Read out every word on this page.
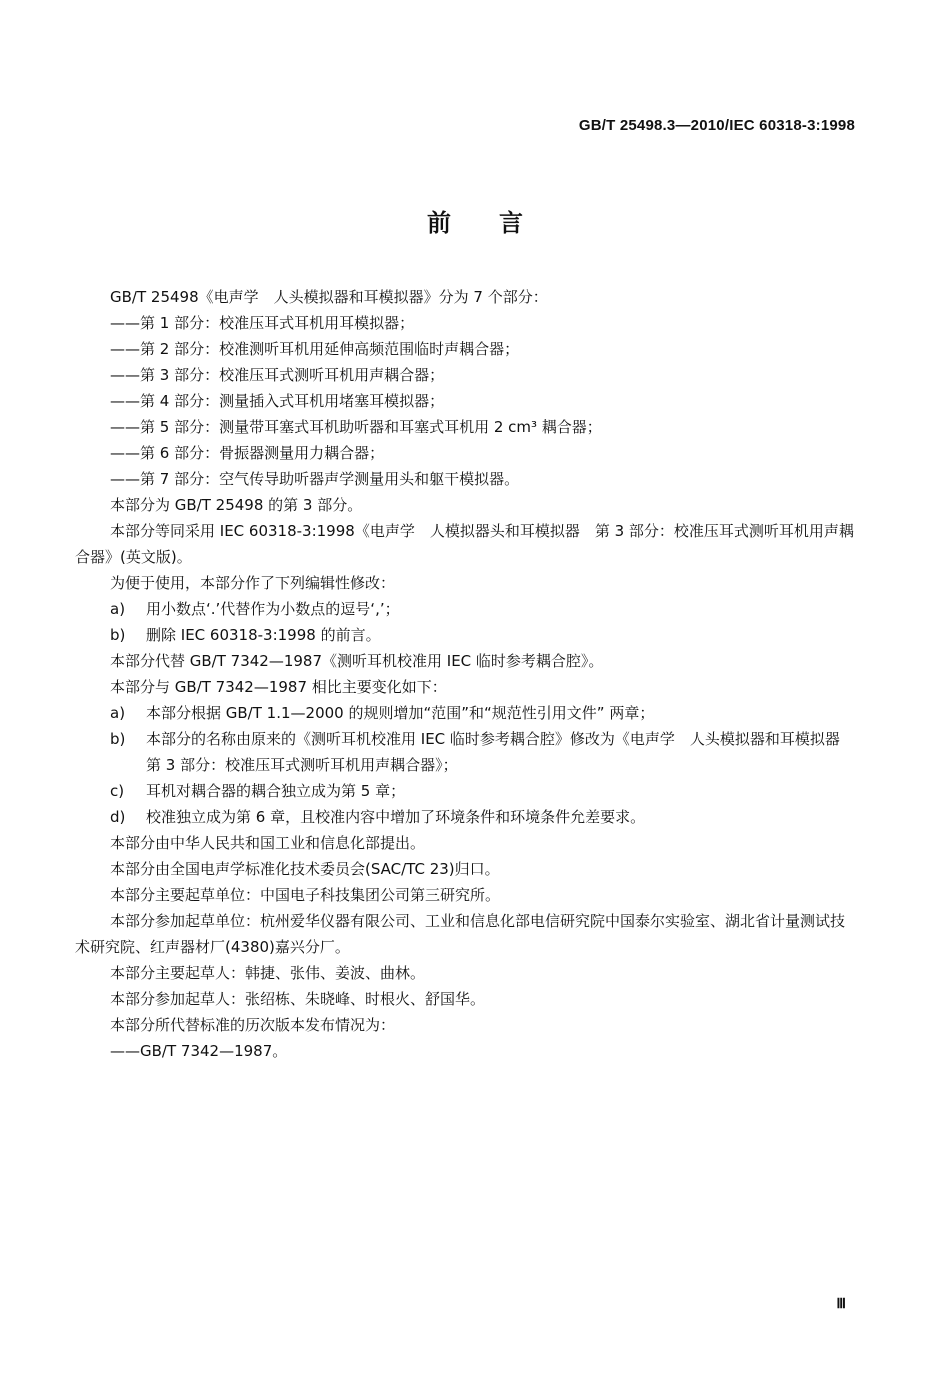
GB/T 25498.3—2010/IEC 60318-3:1998
前 言
GB/T 25498《电声学　人头模拟器和耳模拟器》分为 7 个部分：
——第 1 部分：校准压耳式耳机用耳模拟器；
——第 2 部分：校准测听耳机用延伸高频范围临时声耦合器；
——第 3 部分：校准压耳式测听耳机用声耦合器；
——第 4 部分：测量插入式耳机用堵塞耳模拟器；
——第 5 部分：测量带耳塞式耳机助听器和耳塞式耳机用 2 cm³ 耦合器；
——第 6 部分：骨振器测量用力耦合器；
——第 7 部分：空气传导助听器声学测量用头和躯干模拟器。
本部分为 GB/T 25498 的第 3 部分。
本部分等同采用 IEC 60318-3:1998《电声学　人模拟器头和耳模拟器　第 3 部分：校准压耳式测听耳机用声耦合器》(英文版)。
为便于使用，本部分作了下列编辑性修改：
a) 用小数点‘.’代替作为小数点的逗号‘,’；
b) 删除 IEC 60318-3:1998 的前言。
本部分代替 GB/T 7342—1987《测听耳机校准用 IEC 临时参考耦合腔》。
本部分与 GB/T 7342—1987 相比主要变化如下：
a) 本部分根据 GB/T 1.1—2000 的规则增加“范围”和“规范性引用文件” 两章；
b)	本部分的名称由原来的《测听耳机校准用 IEC 临时参考耦合腔》修改为《电声学　人头模拟器和耳模拟器　第 3 部分：校准压耳式测听耳机用声耦合器》；
c) 耳机对耦合器的耦合独立成为第 5 章；
d) 校准独立成为第 6 章，且校准内容中增加了环境条件和环境条件允差要求。
本部分由中华人民共和国工业和信息化部提出。
本部分由全国电声学标准化技术委员会(SAC/TC 23)归口。
本部分主要起草单位：中国电子科技集团公司第三研究所。
本部分参加起草单位：杭州爱华仪器有限公司、工业和信息化部电信研究院中国泰尔实验室、湖北省计量测试技术研究院、红声器材厂(4380)嘉兴分厂。
本部分主要起草人：韩捷、张伟、姜波、曲林。
本部分参加起草人：张绍栋、朱晓峰、时根火、舒国华。
本部分所代替标准的历次版本发布情况为：
——GB/T 7342—1987。
Ⅲ
